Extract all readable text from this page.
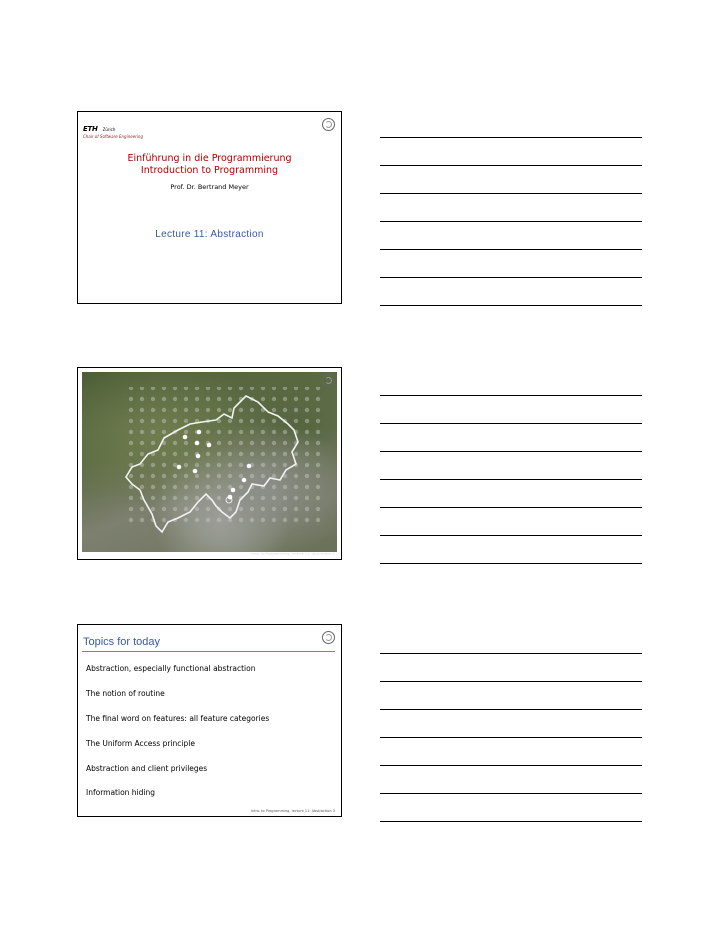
ETH Zürich
Chair of Software Engineering
Einführung in die Programmierung
Introduction to Programming
Prof. Dr. Bertrand Meyer
Lecture 11: Abstraction
Intro. to Programming, lecture 11: Abstraction 2
Topics for today
Abstraction, especially functional abstraction
The notion of routine
The final word on features: all feature categories
The Uniform Access principle
Abstraction and client privileges
Information hiding
Intro. to Programming, lecture 11: Abstraction 3
